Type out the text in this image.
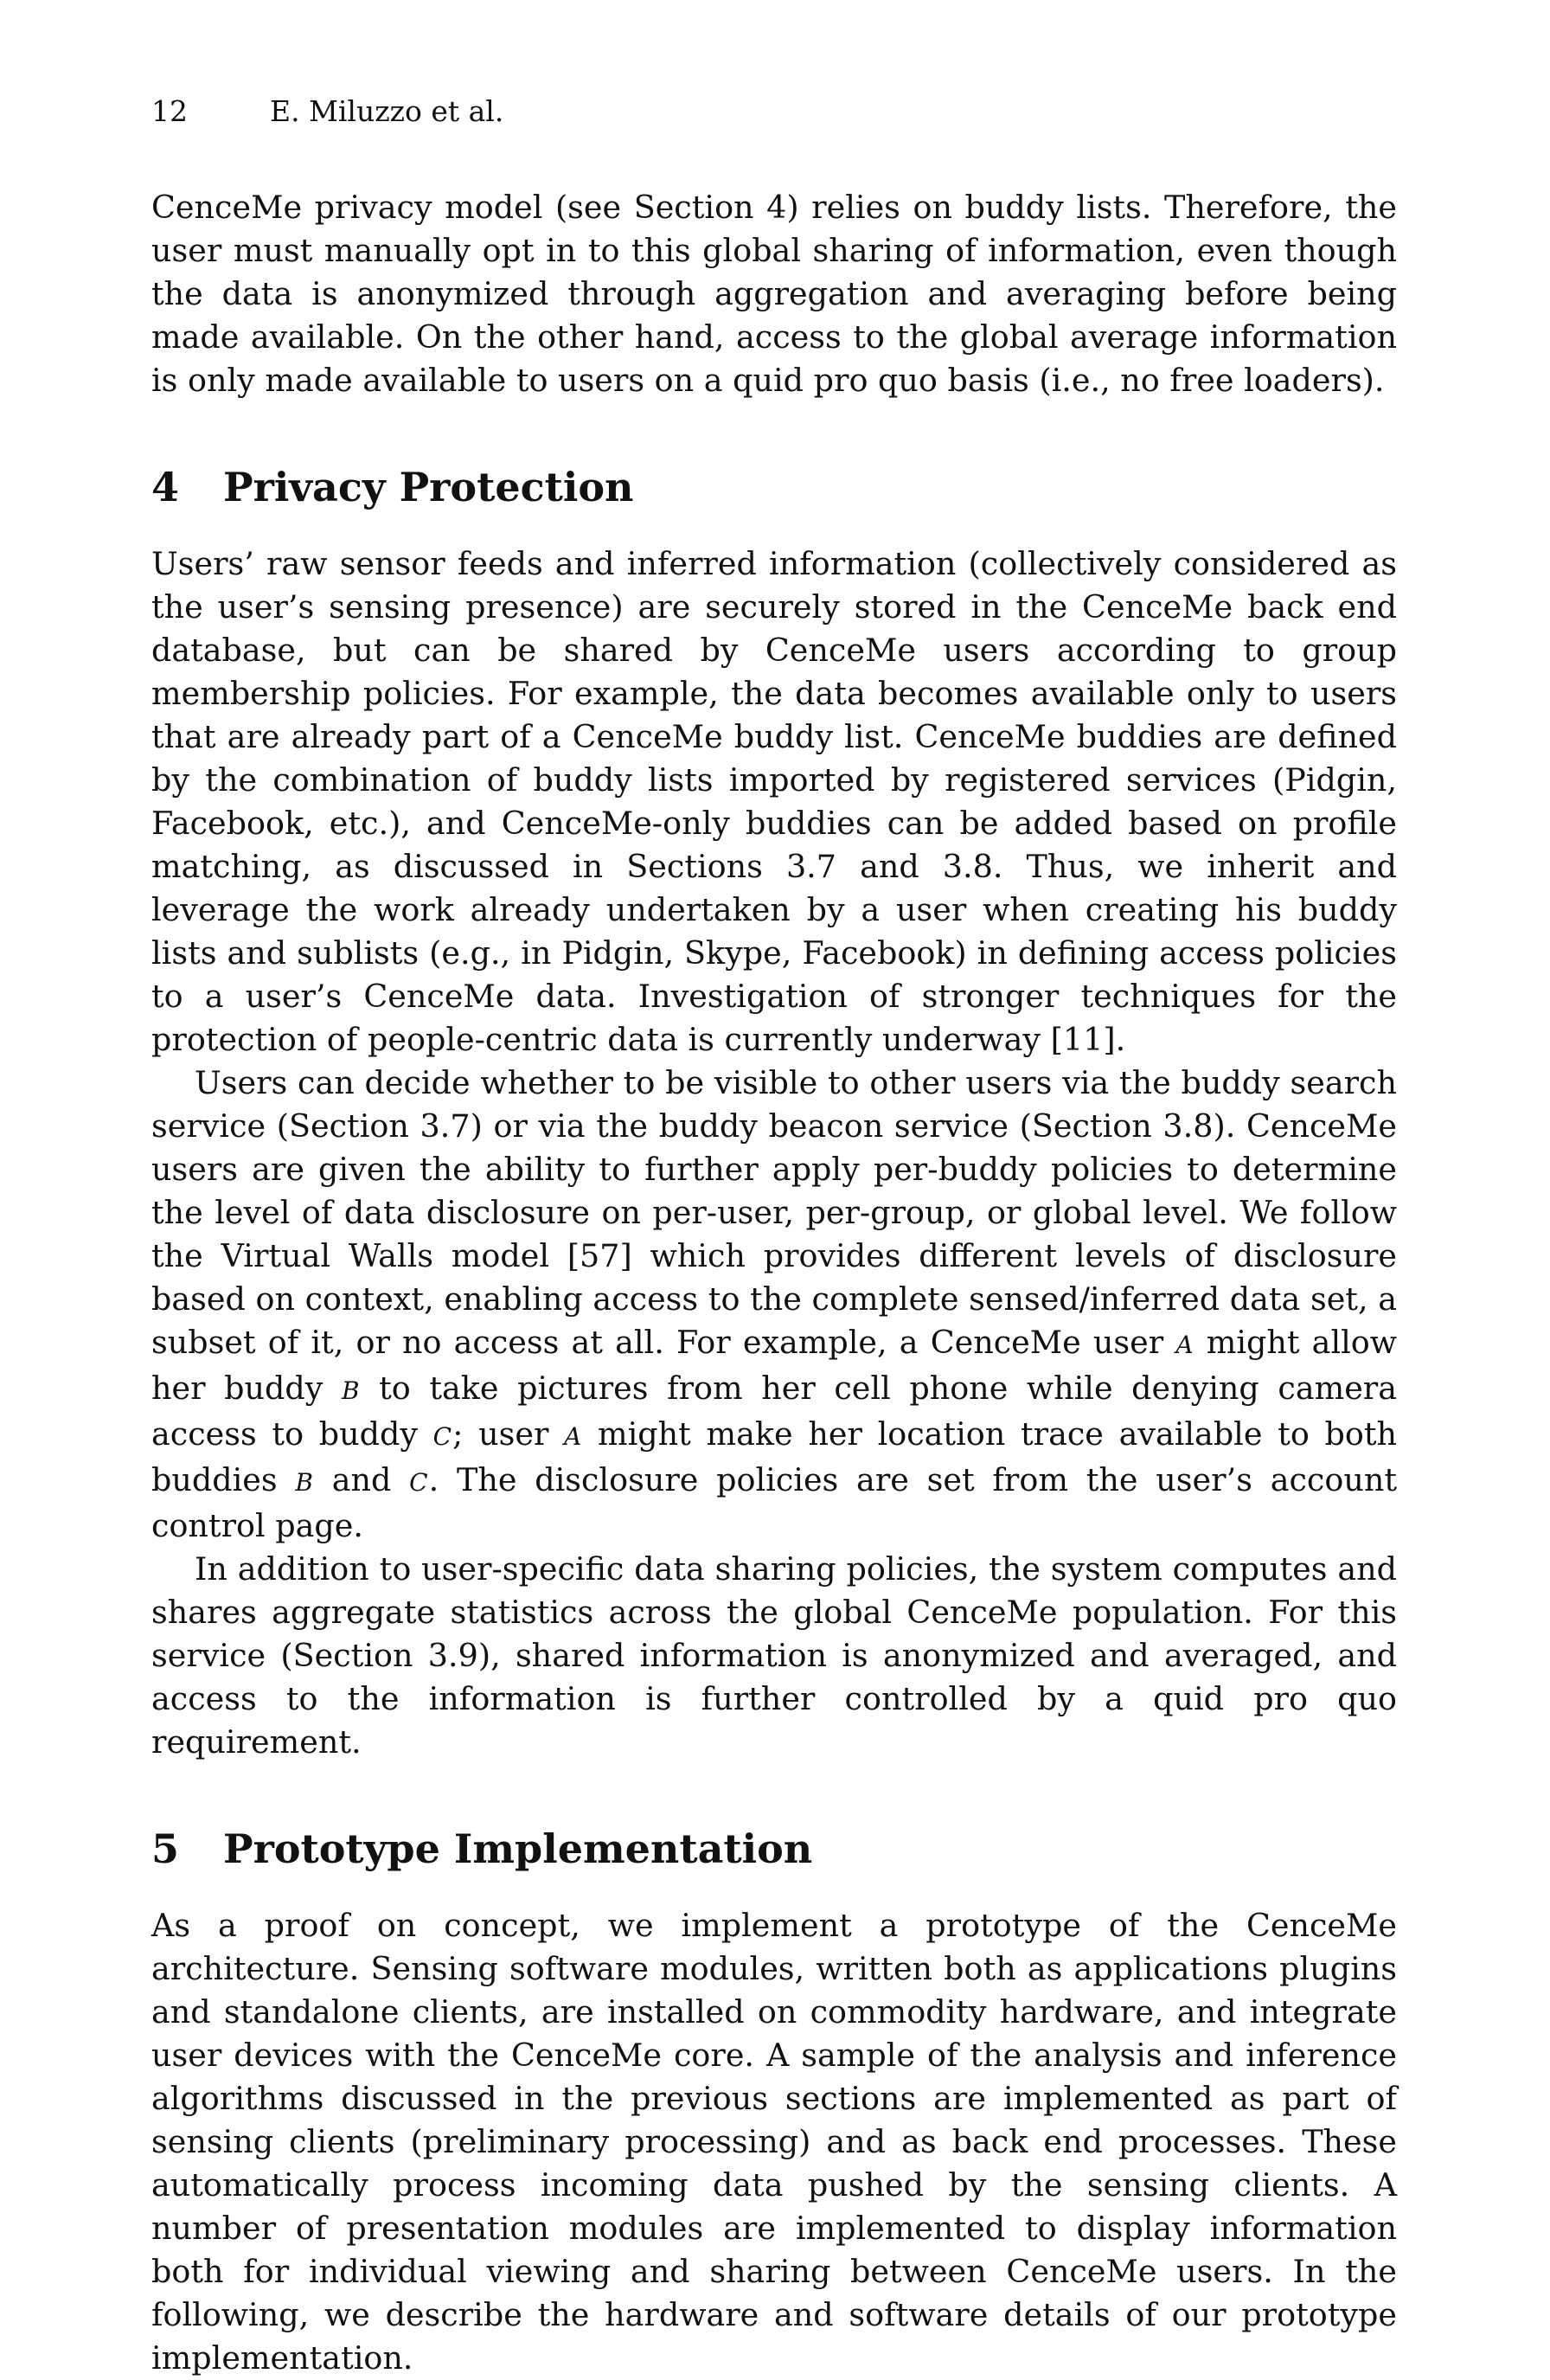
12	E. Miluzzo et al.

CenceMe privacy model (see Section 4) relies on buddy lists. Therefore, the user must manually opt in to this global sharing of information, even though the data is anonymized through aggregation and averaging before being made available. On the other hand, access to the global average information is only made available to users on a quid pro quo basis (i.e., no free loaders).

4 Privacy Protection

Users’ raw sensor feeds and inferred information (collectively considered as the user’s sensing presence) are securely stored in the CenceMe back end database, but can be shared by CenceMe users according to group membership policies. For example, the data becomes available only to users that are already part of a CenceMe buddy list. CenceMe buddies are defined by the combination of buddy lists imported by registered services (Pidgin, Facebook, etc.), and CenceMe-only buddies can be added based on profile matching, as discussed in Sections 3.7 and 3.8. Thus, we inherit and leverage the work already undertaken by a user when creating his buddy lists and sublists (e.g., in Pidgin, Skype, Facebook) in defining access policies to a user’s CenceMe data. Investigation of stronger techniques for the protection of people-centric data is currently underway [11].

Users can decide whether to be visible to other users via the buddy search service (Section 3.7) or via the buddy beacon service (Section 3.8). CenceMe users are given the ability to further apply per-buddy policies to determine the level of data disclosure on per-user, per-group, or global level. We follow the Virtual Walls model [57] which provides different levels of disclosure based on context, enabling access to the complete sensed/inferred data set, a subset of it, or no access at all. For example, a CenceMe user A might allow her buddy B to take pictures from her cell phone while denying camera access to buddy C; user A might make her location trace available to both buddies B and C. The disclosure policies are set from the user’s account control page.

In addition to user-specific data sharing policies, the system computes and shares aggregate statistics across the global CenceMe population. For this service (Section 3.9), shared information is anonymized and averaged, and access to the information is further controlled by a quid pro quo requirement.

5 Prototype Implementation

As a proof on concept, we implement a prototype of the CenceMe architecture. Sensing software modules, written both as applications plugins and standalone clients, are installed on commodity hardware, and integrate user devices with the CenceMe core. A sample of the analysis and inference algorithms discussed in the previous sections are implemented as part of sensing clients (preliminary processing) and as back end processes. These automatically process incoming data pushed by the sensing clients. A number of presentation modules are implemented to display information both for individual viewing and sharing between CenceMe users. In the following, we describe the hardware and software details of our prototype implementation.
